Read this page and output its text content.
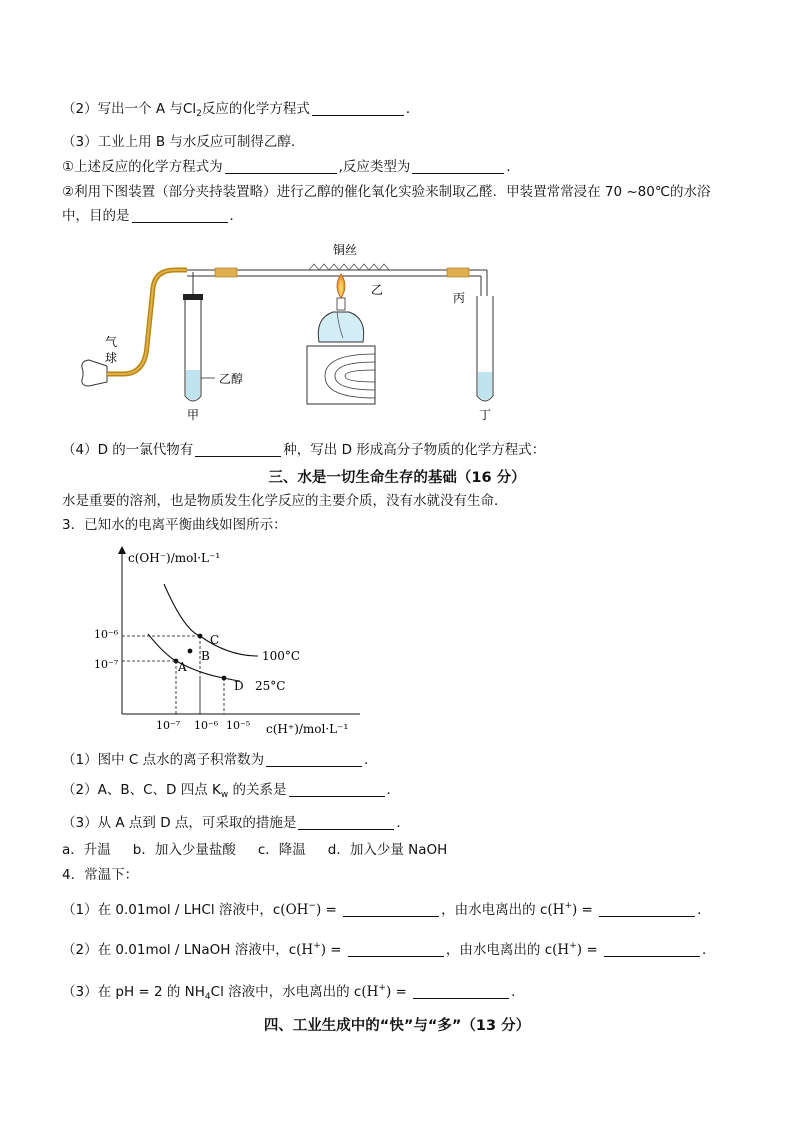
（2）写出一个 A 与$Cl_2$反应的化学方程式	．
（3）工业上用 B 与水反应可制得乙醇．
①上述反应的化学方程式为	,反应类型为	．
②利用下图装置（部分夹持装置略）进行乙醇的催化氧化实验来制取乙醛．甲装置常常浸在 70 ~80℃的水浴
中，目的是	．
乙醇
甲
气
球
铜丝
乙
丙
丁
（4）D 的一氯代物有	种，写出 D 形成高分子物质的化学方程式：
三、水是一切生命生存的基础（16 分）
水是重要的溶剂，也是物质发生化学反应的主要介质，没有水就没有生命．
3．已知水的电离平衡曲线如图所示：
c(OH⁻)/mol·L⁻¹
c(H⁺)/mol·L⁻¹
10⁻⁶
10⁻⁷
10⁻⁷ 10⁻⁶ 10⁻⁵
100°C
25°C
A
B
C
D
（1）图中 C 点水的离子积常数为	．
（2）A、B、C、D 四点 $K_w$ 的关系是	．
（3）从 A 点到 D 点，可采取的措施是	．
a．升温 b．加入少量盐酸 c．降温 d．加入少量 NaOH
4．常温下：
（1）在 0.01mol / LHCl 溶液中，c(OH−) =	，由水电离出的 c(H+) =	．
（2）在 0.01mol / LNaOH 溶液中，c(H+) =	，由水电离出的 c(H+) =	．
（3）在 pH = 2 的 $NH_4Cl$ 溶液中，水电离出的 c(H+) =	．
四、工业生成中的“快”与“多”（13 分）
